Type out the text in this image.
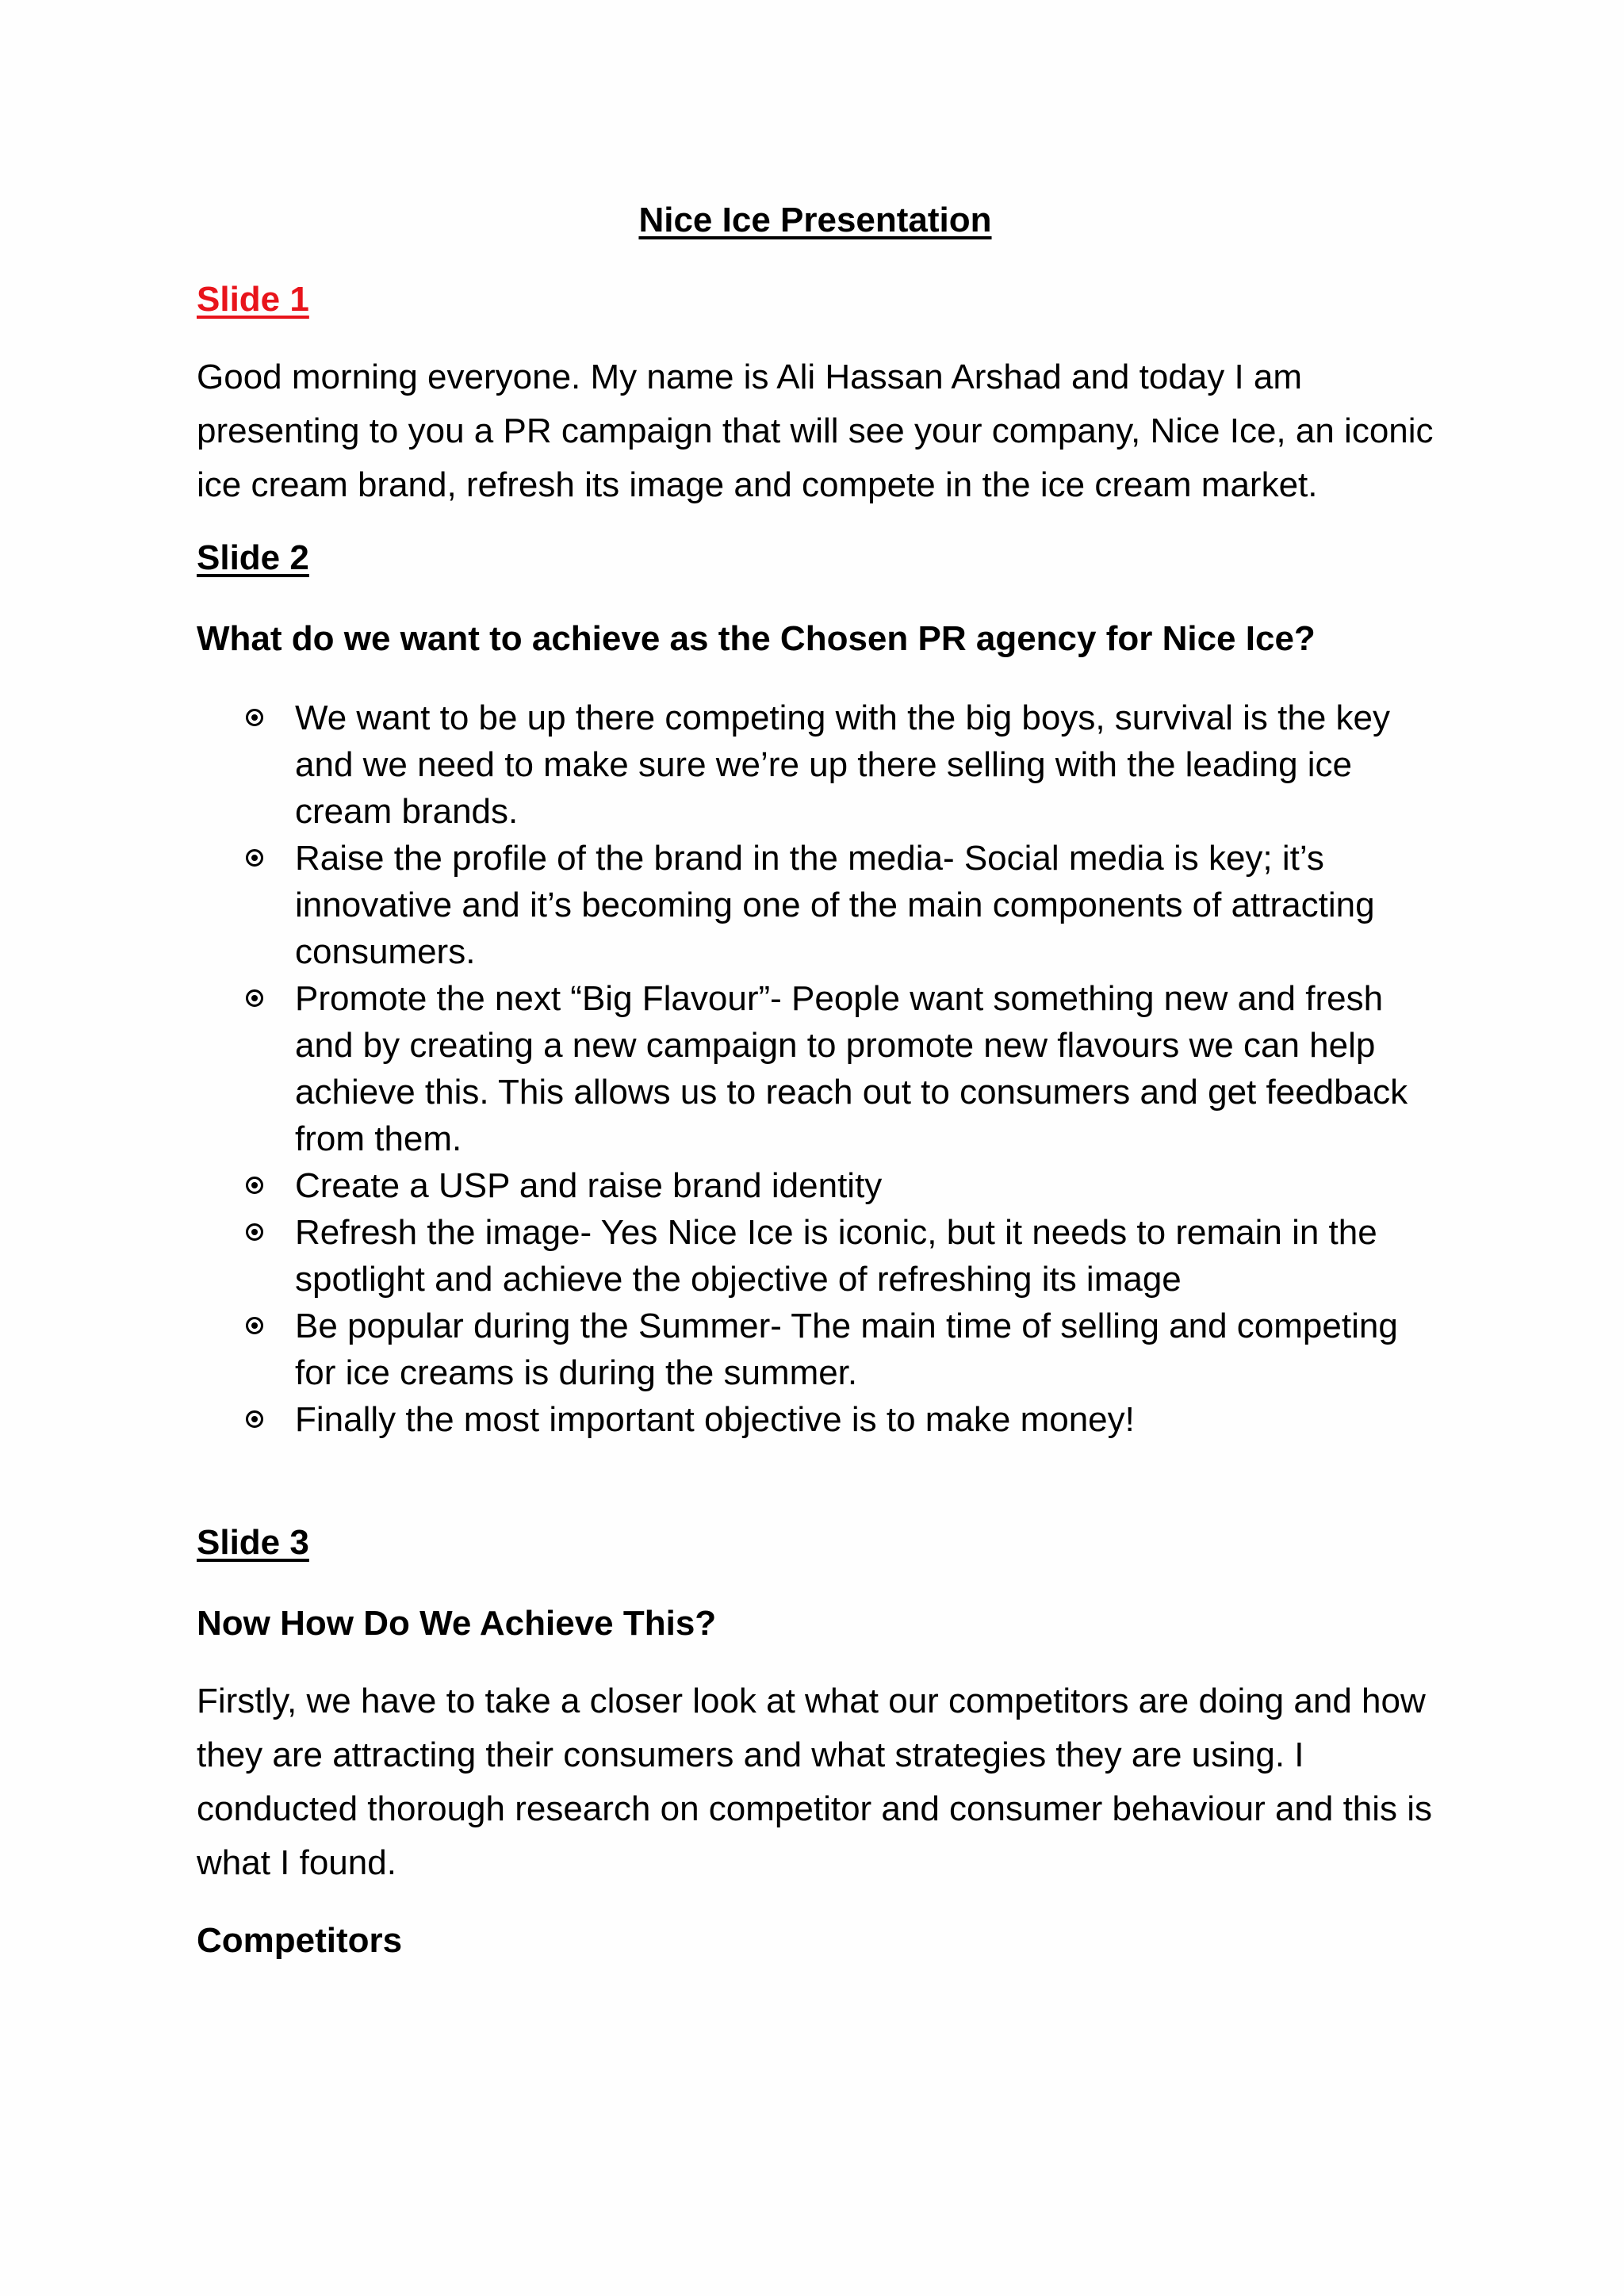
Nice Ice Presentation
Slide 1

Good morning everyone. My name is Ali Hassan Arshad and today I am presenting to you a PR campaign that will see your company, Nice Ice, an iconic ice cream brand, refresh its image and compete in the ice cream market.

Slide 2
What do we want to achieve as the Chosen PR agency for Nice Ice?
We want to be up there competing with the big boys, survival is the key and we need to make sure we’re up there selling with the leading ice cream brands.
Raise the profile of the brand in the media- Social media is key; it’s innovative and it’s becoming one of the main components of attracting consumers.
Promote the next “Big Flavour”- People want something new and fresh and by creating a new campaign to promote new flavours we can help achieve this. This allows us to reach out to consumers and get feedback from them.
Create a USP and raise brand identity
Refresh the image- Yes Nice Ice is iconic, but it needs to remain in the spotlight and achieve the objective of refreshing its image
Be popular during the Summer- The main time of selling and competing for ice creams is during the summer.
Finally the most important objective is to make money!
Slide 3
Now How Do We Achieve This?

Firstly, we have to take a closer look at what our competitors are doing and how they are attracting their consumers and what strategies they are using. I conducted thorough research on competitor and consumer behaviour and this is what I found.

Competitors
